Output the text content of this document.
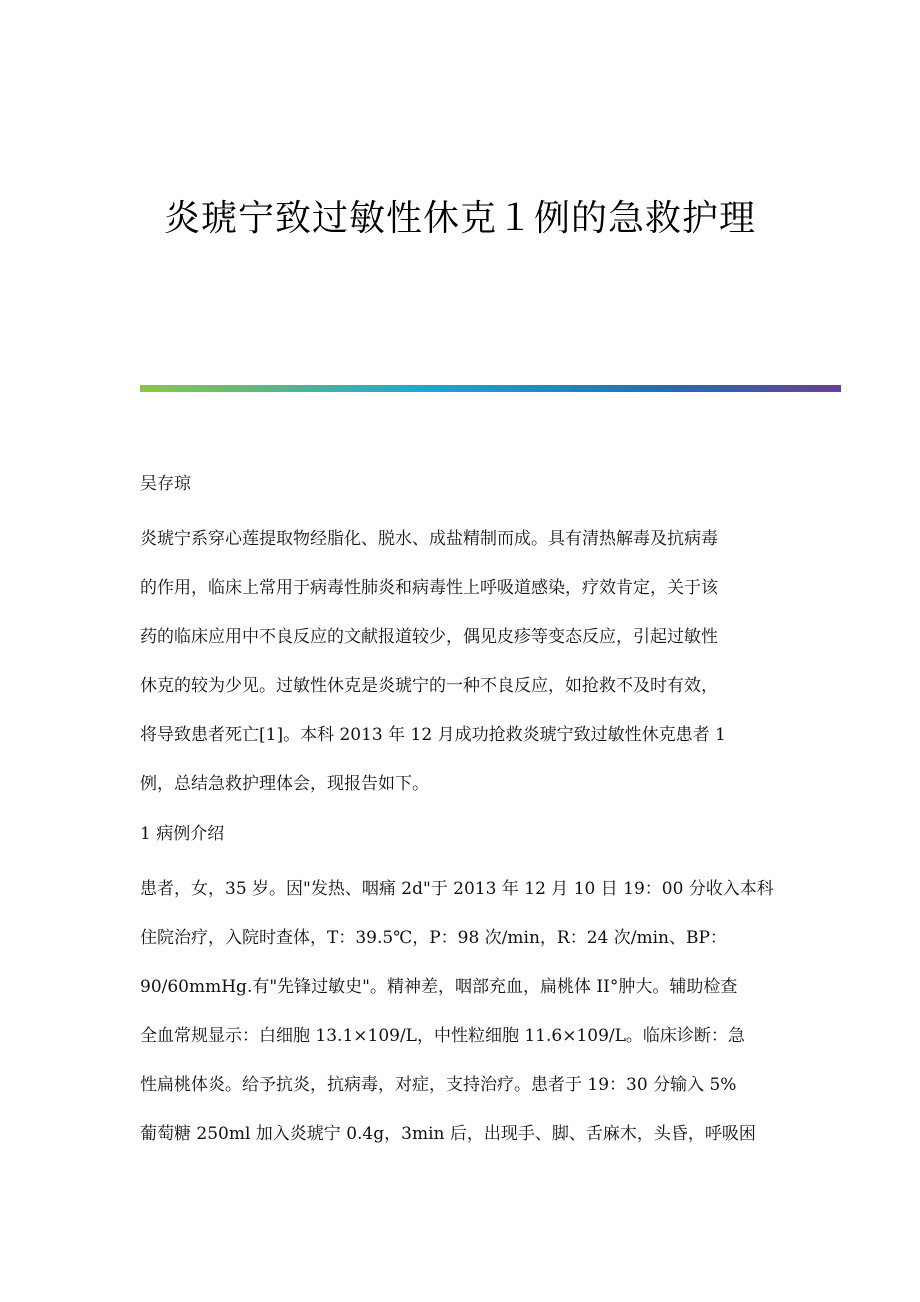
炎琥宁致过敏性休克１例的急救护理
吴存琼
炎琥宁系穿心莲提取物经脂化、脱水、成盐精制而成。具有清热解毒及抗病毒
的作用，临床上常用于病毒性肺炎和病毒性上呼吸道感染，疗效肯定，关于该
药的临床应用中不良反应的文献报道较少，偶见皮疹等变态反应，引起过敏性
休克的较为少见。过敏性休克是炎琥宁的一种不良反应，如抢救不及时有效，
将导致患者死亡[1]。本科 2013 年 12 月成功抢救炎琥宁致过敏性休克患者 1
例，总结急救护理体会，现报告如下。
1 病例介绍
患者，女，35 岁。因"发热、咽痛 2d"于 2013 年 12 月 10 日 19：00 分收入本科
住院治疗，入院时查体，T：39.5℃，P：98 次/min，R：24 次/min、BP：
90/60mmHg.有"先锋过敏史"。精神差，咽部充血，扁桃体 II°肿大。辅助检查
全血常规显示：白细胞 13.1×109/L，中性粒细胞 11.6×109/L。临床诊断：急
性扁桃体炎。给予抗炎，抗病毒，对症，支持治疗。患者于 19：30 分输入 5%
葡萄糖 250ml 加入炎琥宁 0.4g，3min 后，出现手、脚、舌麻木，头昏，呼吸困
